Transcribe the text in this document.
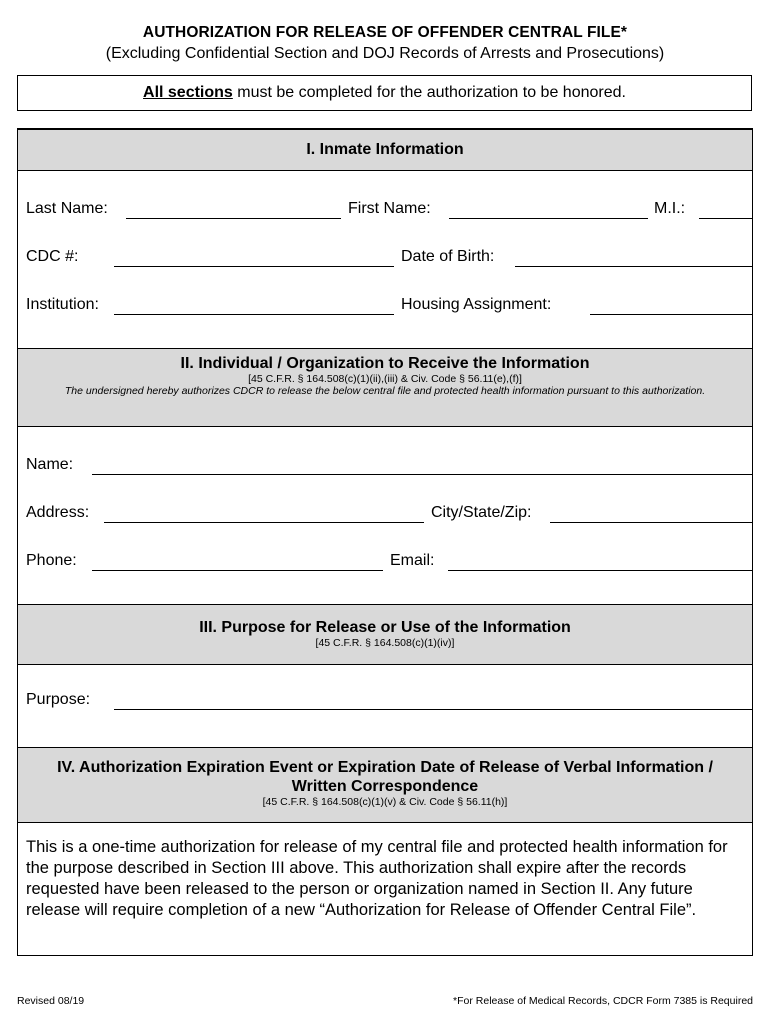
AUTHORIZATION FOR RELEASE OF OFFENDER CENTRAL FILE*
(Excluding Confidential Section and DOJ Records of Arrests and Prosecutions)
All sections must be completed for the authorization to be honored.
I. Inmate Information
Last Name:	First Name:	M.I.:
CDC #:	Date of Birth:
Institution:	Housing Assignment:
II. Individual / Organization to Receive the Information
[45 C.F.R. § 164.508(c)(1)(ii),(iii) & Civ. Code § 56.11(e),(f)]
The undersigned hereby authorizes CDCR to release the below central file and protected health information pursuant to this authorization.
Name:
Address:	City/State/Zip:
Phone:	Email:
III. Purpose for Release or Use of the Information
[45 C.F.R. § 164.508(c)(1)(iv)]
Purpose:
IV. Authorization Expiration Event or Expiration Date of Release of Verbal Information / Written Correspondence
[45 C.F.R. § 164.508(c)(1)(v) & Civ. Code § 56.11(h)]
This is a one-time authorization for release of my central file and protected health information for the purpose described in Section III above. This authorization shall expire after the records requested have been released to the person or organization named in Section II. Any future release will require completion of a new “Authorization for Release of Offender Central File”.
Revised 08/19	*For Release of Medical Records, CDCR Form 7385 is Required
